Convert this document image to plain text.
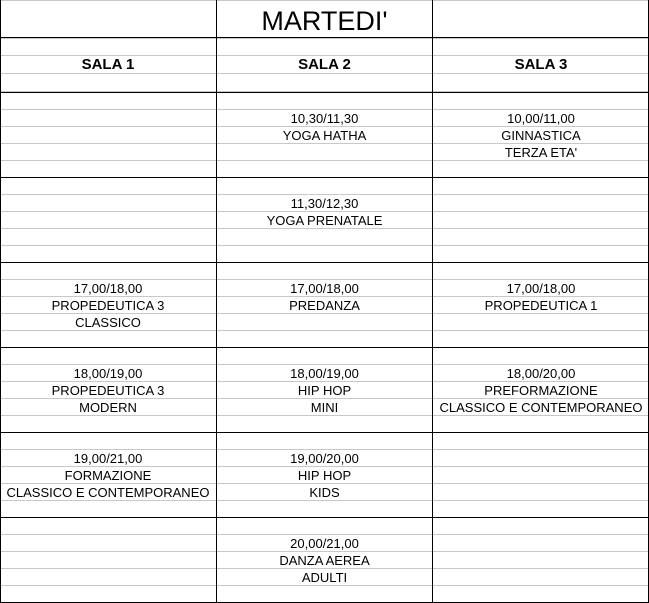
MARTEDI'
SALA 1	SALA 2	SALA 3
10,30/11,30
YOGA HATHA
10,00/11,00
GINNASTICA
TERZA ETA'
11,30/12,30
YOGA PRENATALE
17,00/18,00
PROPEDEUTICA 3
CLASSICO
17,00/18,00
PREDANZA
17,00/18,00
PROPEDEUTICA 1
18,00/19,00
PROPEDEUTICA 3
MODERN
18,00/19,00
HIP HOP
MINI
18,00/20,00
PREFORMAZIONE
CLASSICO E CONTEMPORANEO
19,00/21,00
FORMAZIONE
CLASSICO E CONTEMPORANEO
19,00/20,00
HIP HOP
KIDS
20,00/21,00
DANZA AEREA
ADULTI
